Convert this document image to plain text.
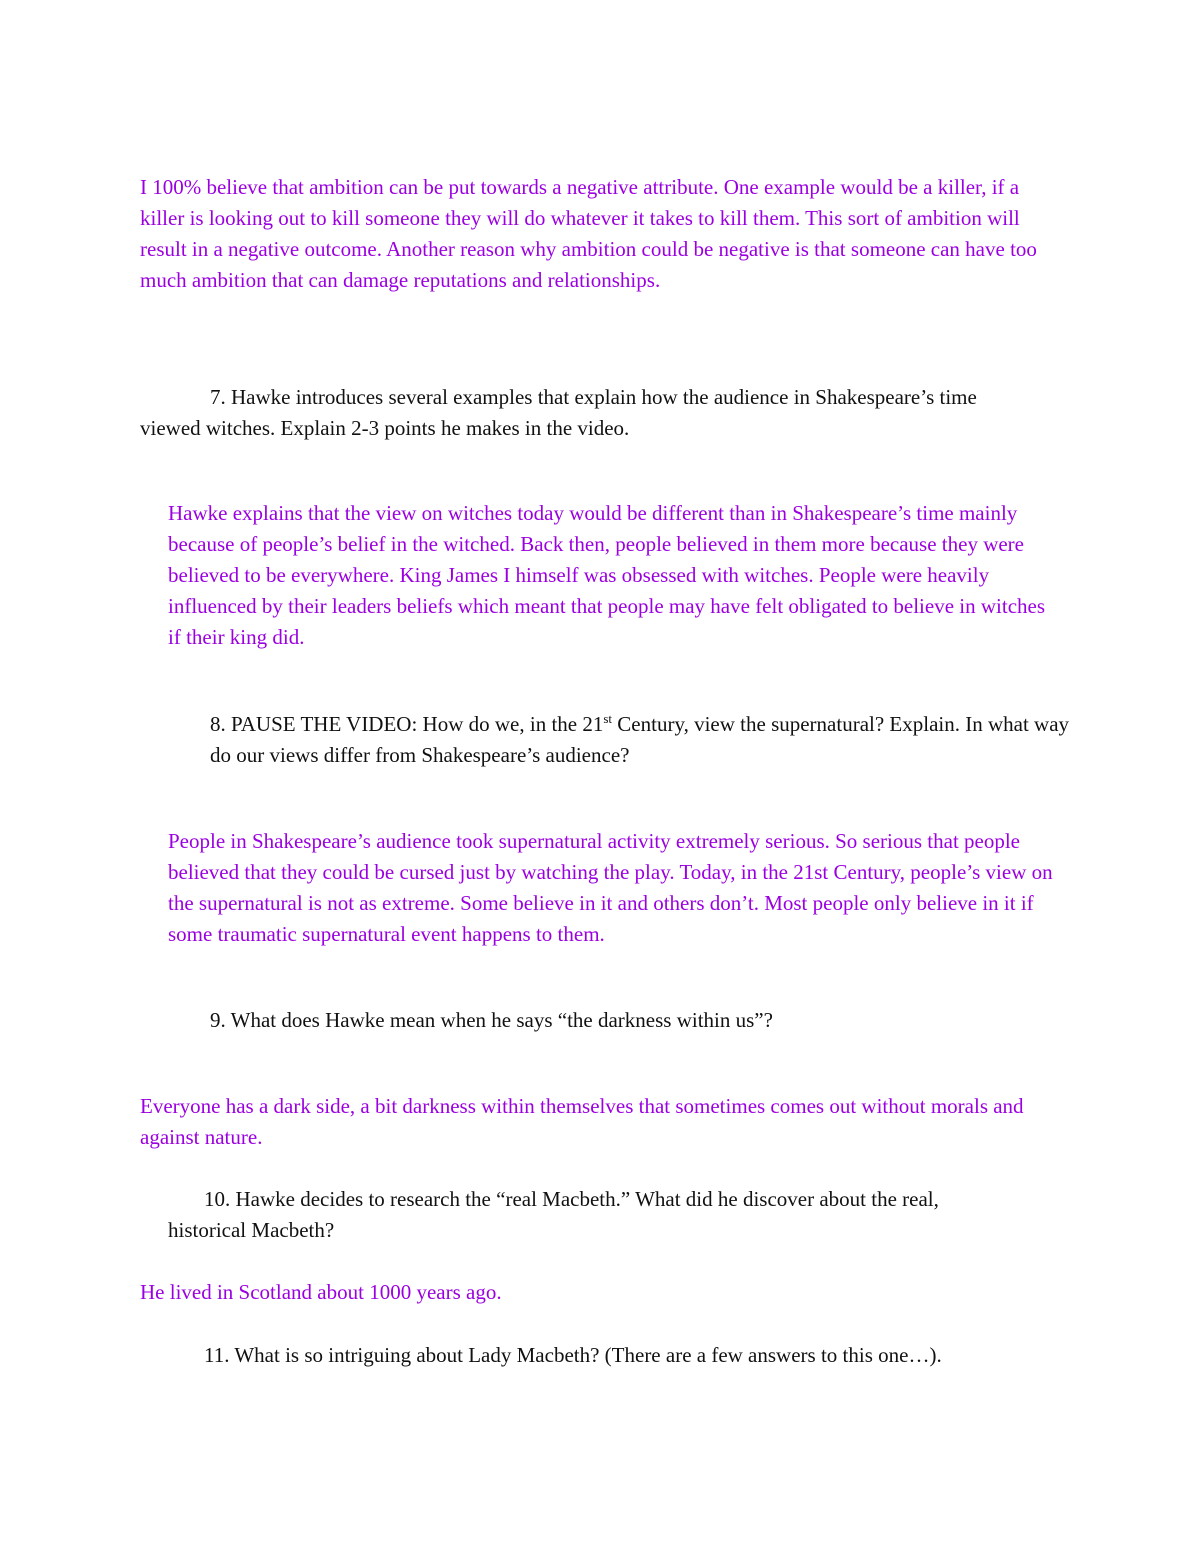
I 100% believe that ambition can be put towards a negative attribute. One example would be a killer, if a killer is looking out to kill someone they will do whatever it takes to kill them. This sort of ambition will result in a negative outcome. Another reason why ambition could be negative is that someone can have too much ambition that can damage reputations and relationships.

7. Hawke introduces several examples that explain how the audience in Shakespeare’s time viewed witches. Explain 2-3 points he makes in the video.

Hawke explains that the view on witches today would be different than in Shakespeare’s time mainly because of people’s belief in the witched. Back then, people believed in them more because they were believed to be everywhere. King James I himself was obsessed with witches. People were heavily influenced by their leaders beliefs which meant that people may have felt obligated to believe in witches if their king did.

8. PAUSE THE VIDEO: How do we, in the 21st Century, view the supernatural? Explain. In what way do our views differ from Shakespeare’s audience?

People in Shakespeare’s audience took supernatural activity extremely serious. So serious that people believed that they could be cursed just by watching the play. Today, in the 21st Century, people’s view on the supernatural is not as extreme. Some believe in it and others don’t. Most people only believe in it if some traumatic supernatural event happens to them.

9. What does Hawke mean when he says “the darkness within us”?

Everyone has a dark side, a bit darkness within themselves that sometimes comes out without morals and against nature.

10. Hawke decides to research the “real Macbeth.” What did he discover about the real,
historical Macbeth?

He lived in Scotland about 1000 years ago.

11. What is so intriguing about Lady Macbeth? (There are a few answers to this one…).
